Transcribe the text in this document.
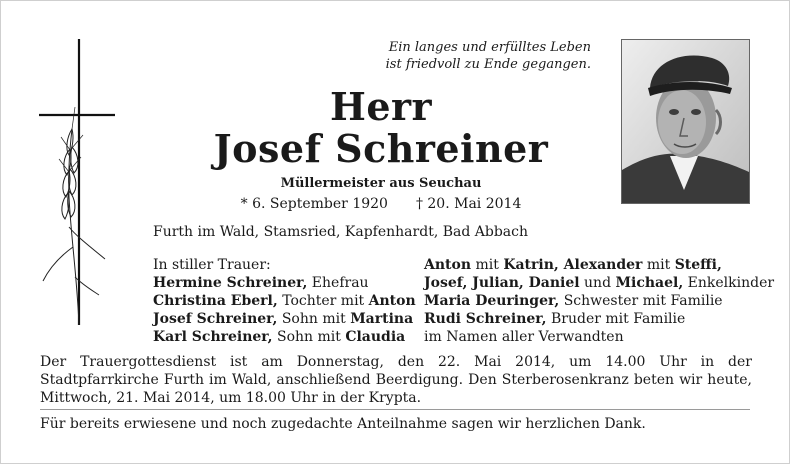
Ein langes und erfülltes Leben
ist friedvoll zu Ende gegangen.
Herr
Josef Schreiner
Müllermeister aus Seuchau
* 6. September 1920 † 20. Mai 2014
Furth im Wald, Stamsried, Kapfenhardt, Bad Abbach
In stiller Trauer:
Hermine Schreiner, Ehefrau
Christina Eberl, Tochter mit Anton
Josef Schreiner, Sohn mit Martina
Karl Schreiner, Sohn mit Claudia
Anton mit Katrin, Alexander mit Steffi,
Josef, Julian, Daniel und Michael, Enkelkinder
Maria Deuringer, Schwester mit Familie
Rudi Schreiner, Bruder mit Familie
im Namen aller Verwandten
Der Trauergottesdienst ist am Donnerstag, den 22. Mai 2014, um 14.00 Uhr in der Stadtpfarrkirche Furth im Wald, anschließend Beerdigung. Den Sterberosenkranz beten wir heute, Mittwoch, 21. Mai 2014, um 18.00 Uhr in der Krypta.
Für bereits erwiesene und noch zugedachte Anteilnahme sagen wir herzlichen Dank.
